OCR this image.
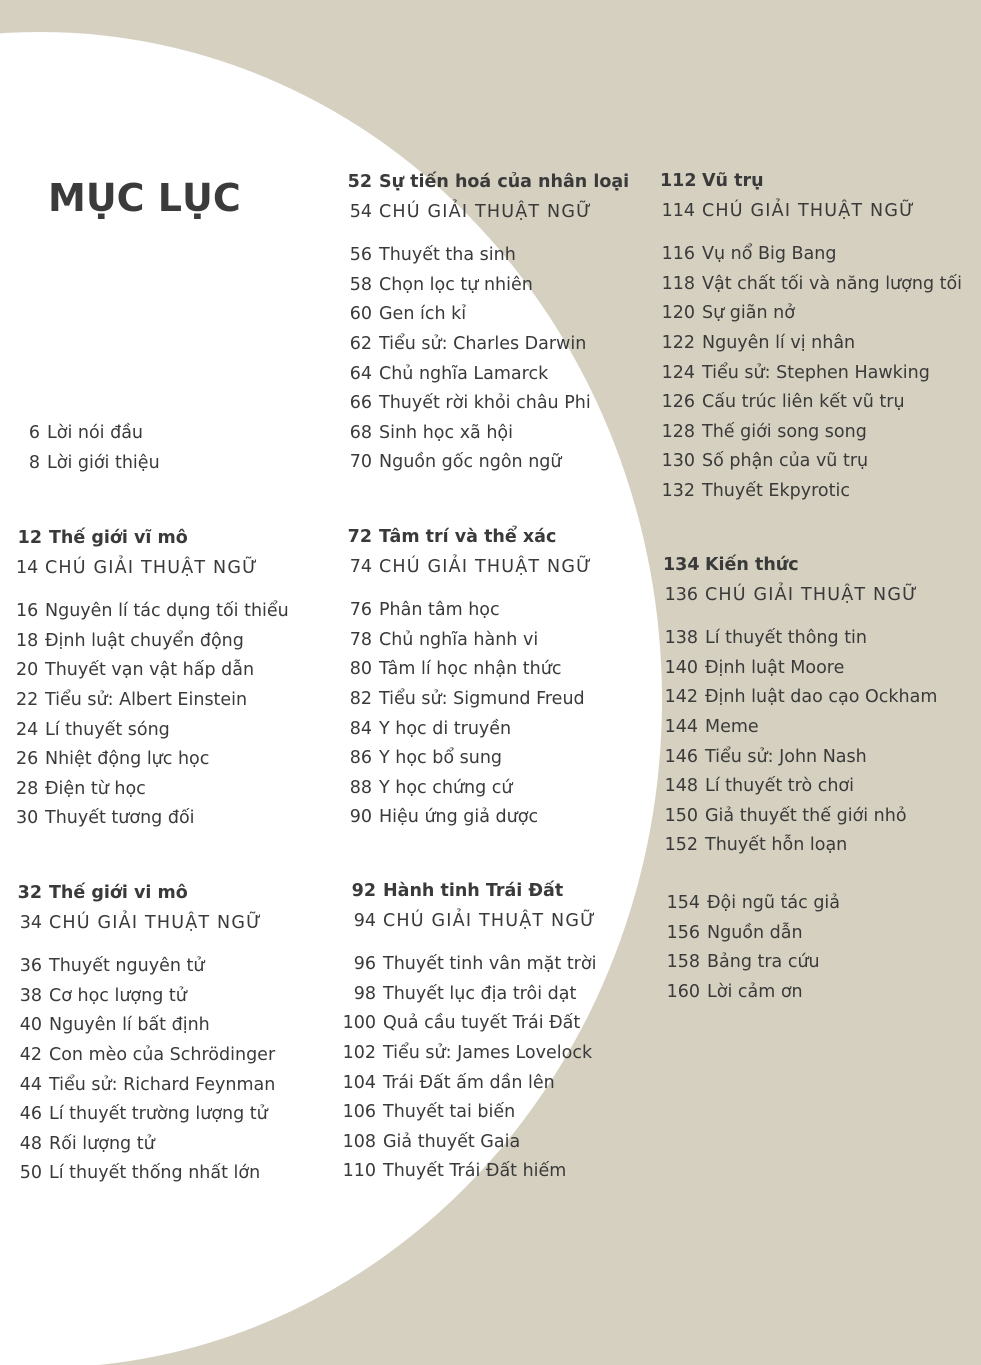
MỤC LỤC
6 Lời nói đầu
8 Lời giới thiệu
12 Thế giới vĩ mô
14 CHÚ GIẢI THUẬT NGỮ
16 Nguyên lí tác dụng tối thiểu
18 Định luật chuyển động
20 Thuyết vạn vật hấp dẫn
22 Tiểu sử: Albert Einstein
24 Lí thuyết sóng
26 Nhiệt động lực học
28 Điện từ học
30 Thuyết tương đối
32 Thế giới vi mô
34 CHÚ GIẢI THUẬT NGỮ
36 Thuyết nguyên tử
38 Cơ học lượng tử
40 Nguyên lí bất định
42 Con mèo của Schrödinger
44 Tiểu sử: Richard Feynman
46 Lí thuyết trường lượng tử
48 Rối lượng tử
50 Lí thuyết thống nhất lớn
52 Sự tiến hoá của nhân loại
54 CHÚ GIẢI THUẬT NGỮ
56 Thuyết tha sinh
58 Chọn lọc tự nhiên
60 Gen ích kỉ
62 Tiểu sử: Charles Darwin
64 Chủ nghĩa Lamarck
66 Thuyết rời khỏi châu Phi
68 Sinh học xã hội
70 Nguồn gốc ngôn ngữ
72 Tâm trí và thể xác
74 CHÚ GIẢI THUẬT NGỮ
76 Phân tâm học
78 Chủ nghĩa hành vi
80 Tâm lí học nhận thức
82 Tiểu sử: Sigmund Freud
84 Y học di truyền
86 Y học bổ sung
88 Y học chứng cứ
90 Hiệu ứng giả dược
92 Hành tinh Trái Đất
94 CHÚ GIẢI THUẬT NGỮ
96 Thuyết tinh vân mặt trời
98 Thuyết lục địa trôi dạt
100 Quả cầu tuyết Trái Đất
102 Tiểu sử: James Lovelock
104 Trái Đất ấm dần lên
106 Thuyết tai biến
108 Giả thuyết Gaia
110 Thuyết Trái Đất hiếm
112 Vũ trụ
114 CHÚ GIẢI THUẬT NGỮ
116 Vụ nổ Big Bang
118 Vật chất tối và năng lượng tối
120 Sự giãn nở
122 Nguyên lí vị nhân
124 Tiểu sử: Stephen Hawking
126 Cấu trúc liên kết vũ trụ
128 Thế giới song song
130 Số phận của vũ trụ
132 Thuyết Ekpyrotic
134 Kiến thức
136 CHÚ GIẢI THUẬT NGỮ
138 Lí thuyết thông tin
140 Định luật Moore
142 Định luật dao cạo Ockham
144 Meme
146 Tiểu sử: John Nash
148 Lí thuyết trò chơi
150 Giả thuyết thế giới nhỏ
152 Thuyết hỗn loạn
154 Đội ngũ tác giả
156 Nguồn dẫn
158 Bảng tra cứu
160 Lời cảm ơn
